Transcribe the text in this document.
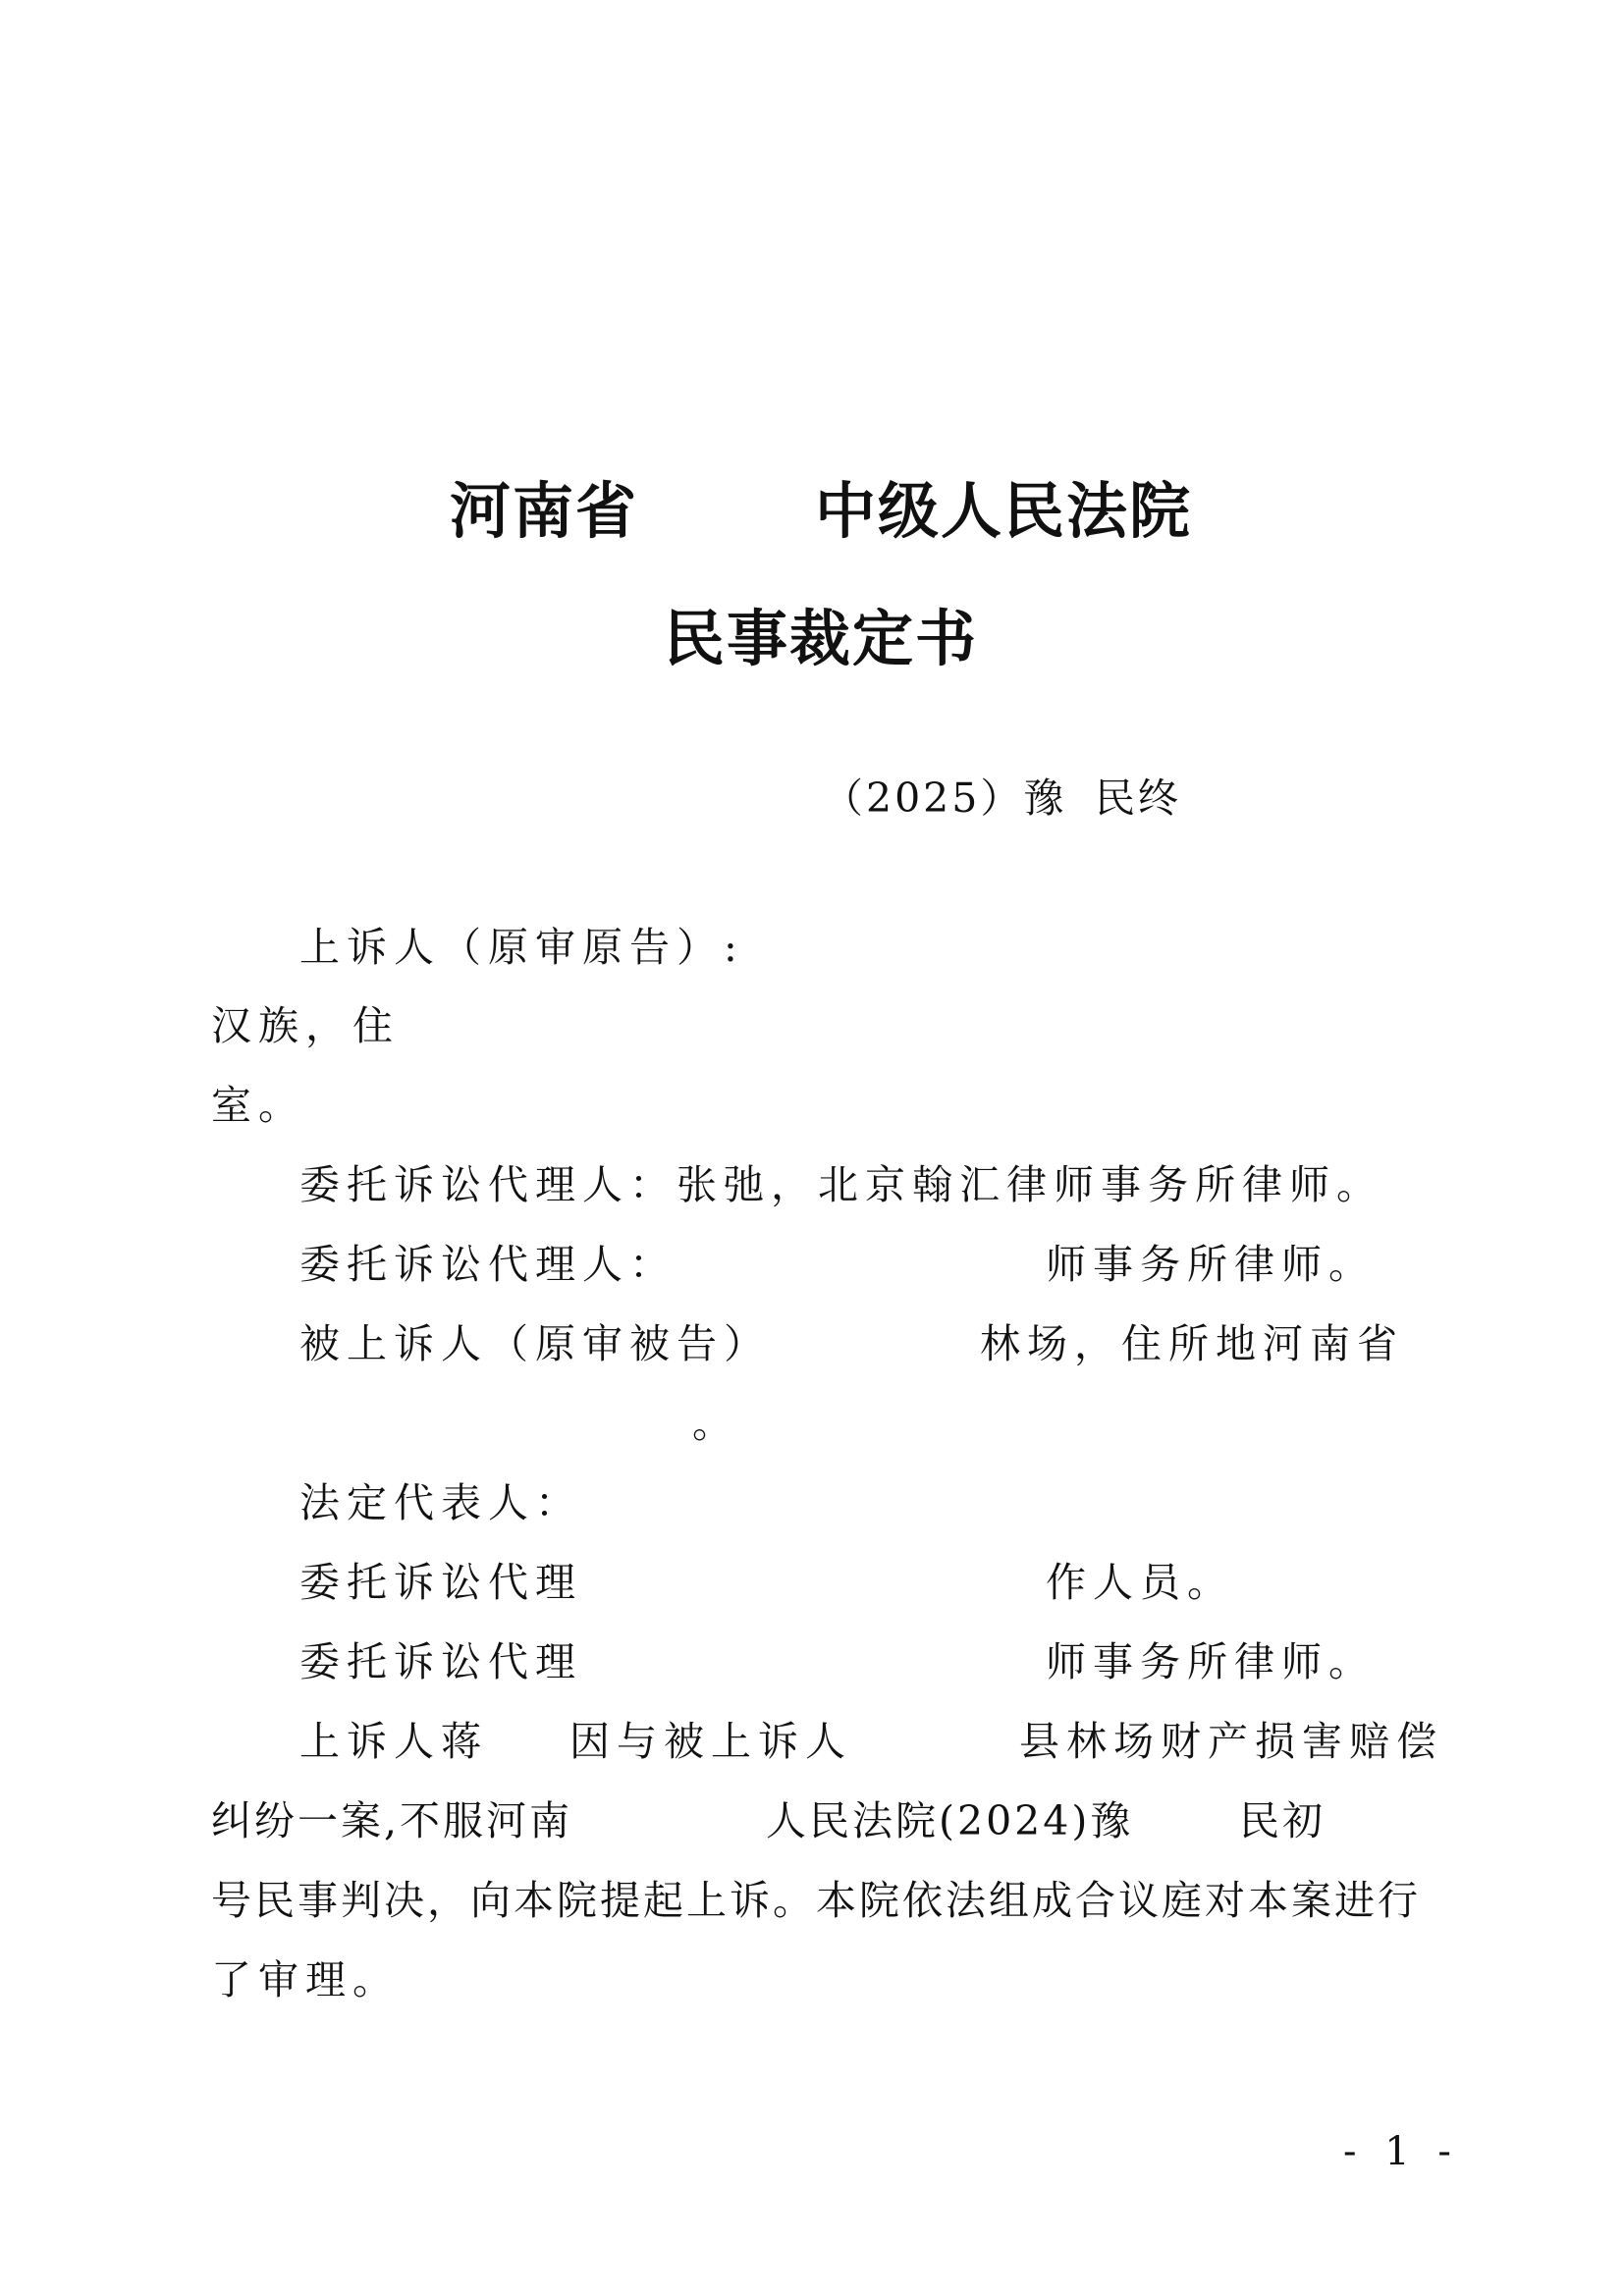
河南省	中级人民法院
民事裁定书
（2025）豫 民终
上诉人（原审原告）:
汉族，住
室。
委托诉讼代理人：张弛，北京翰汇律师事务所律师。
委托诉讼代理人：	师事务所律师。
被上诉人（原审被告）	林场，住所地河南省
。
法定代表人：
委托诉讼代理	作人员。
委托诉讼代理	师事务所律师。
上诉人蒋 因与被上诉人	县林场财产损害赔偿
纠纷一案,不服河南	人民法院(2024)豫	民初
号民事判决，向本院提起上诉。本院依法组成合议庭对本案进行
了审理。
- 1 -
